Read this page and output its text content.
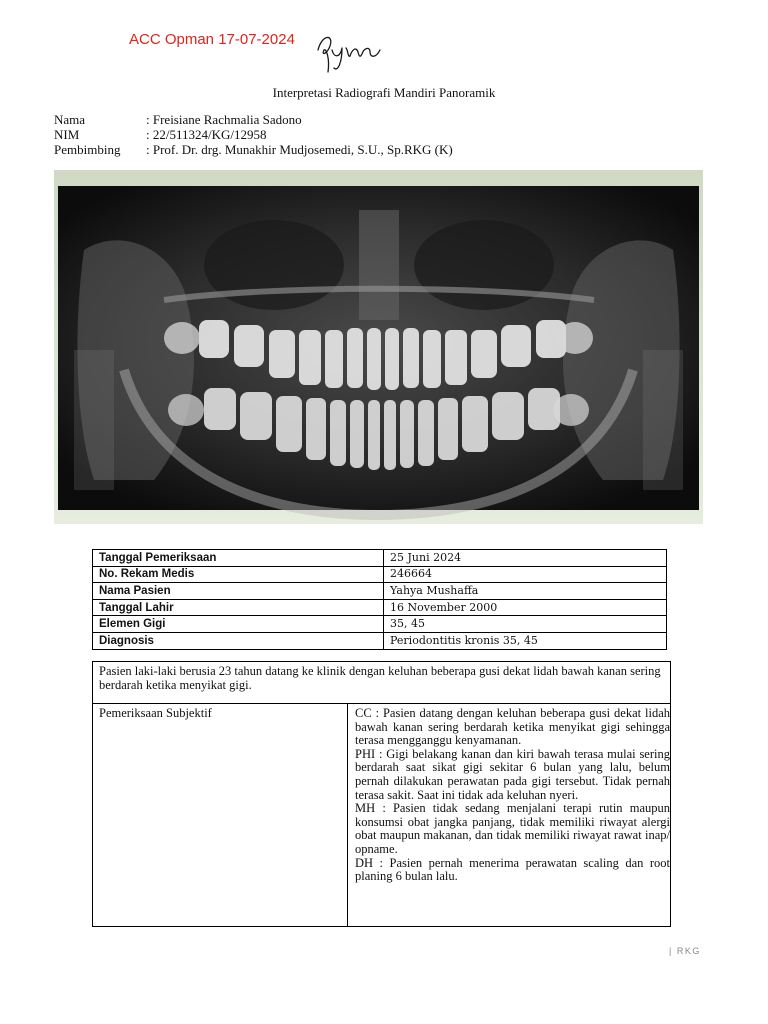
ACC Opman 17-07-2024
Interpretasi Radiografi Mandiri Panoramik
Nama	: Freisiane Rachmalia Sadono
NIM	: 22/511324/KG/12958
Pembimbing	: Prof. Dr. drg. Munakhir Mudjosemedi, S.U., Sp.RKG (K)
Tanggal Pemeriksaan	25 Juni 2024
No. Rekam Medis	246664
Nama Pasien	Yahya Mushaffa
Tanggal Lahir	16 November 2000
Elemen Gigi	35, 45
Diagnosis	Periodontitis kronis 35, 45
Pasien laki-laki berusia 23 tahun datang ke klinik dengan keluhan beberapa gusi dekat lidah bawah kanan sering berdarah ketika menyikat gigi.
Pemeriksaan Subjektif	CC : Pasien datang dengan keluhan beberapa gusi dekat lidah bawah kanan sering berdarah ketika menyikat gigi sehingga terasa mengganggu kenyamanan.

PHI : Gigi belakang kanan dan kiri bawah terasa mulai sering berdarah saat sikat gigi sekitar 6 bulan yang lalu, belum pernah dilakukan perawatan pada gigi tersebut. Tidak pernah terasa sakit. Saat ini tidak ada keluhan nyeri.

MH : Pasien tidak sedang menjalani terapi rutin maupun konsumsi obat jangka panjang, tidak memiliki riwayat alergi obat maupun makanan, dan tidak memiliki riwayat rawat inap/ opname.

DH : Pasien pernah menerima perawatan scaling dan root planing 6 bulan lalu.

| RKG
